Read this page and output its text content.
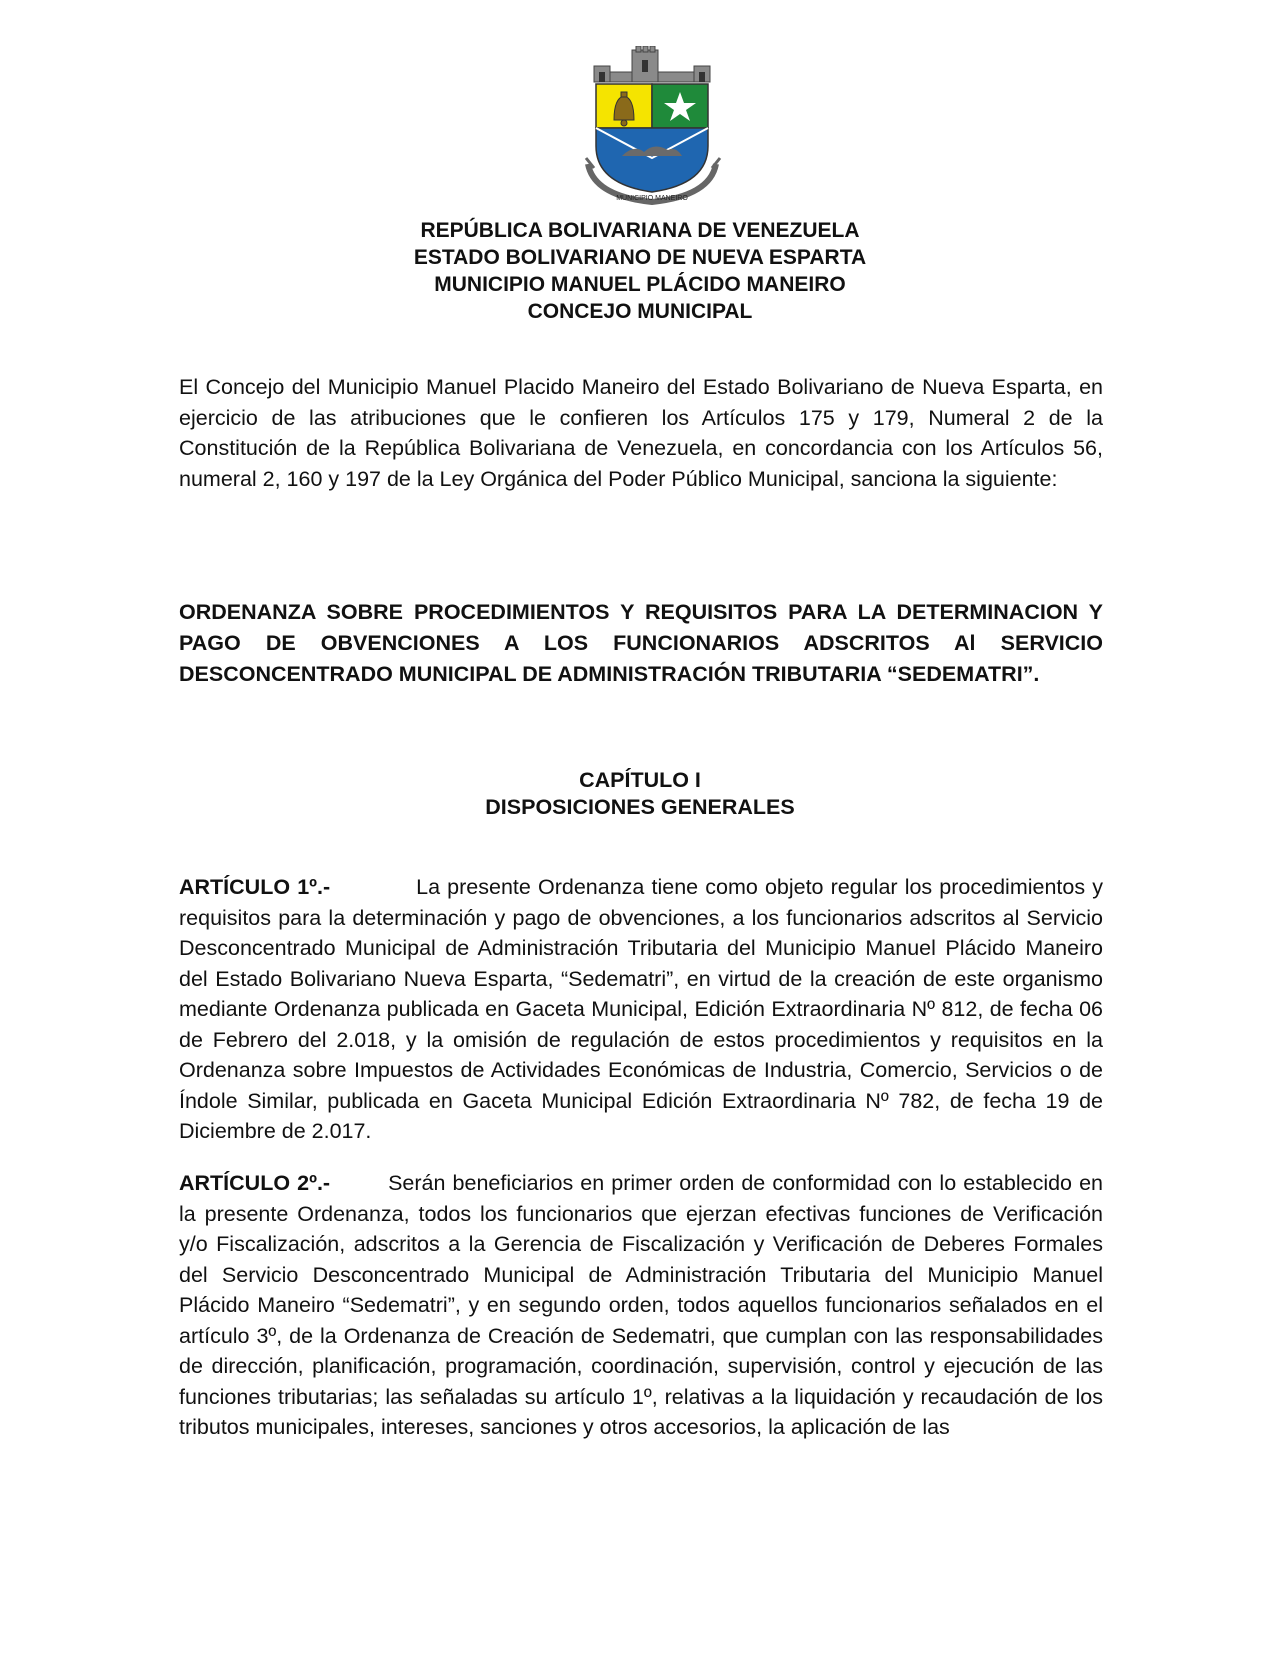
MUNICIPIO MANEIRO
REPÚBLICA BOLIVARIANA DE VENEZUELA
ESTADO BOLIVARIANO DE NUEVA ESPARTA
MUNICIPIO MANUEL PLÁCIDO MANEIRO
CONCEJO MUNICIPAL

El Concejo del Municipio Manuel Placido Maneiro del Estado Bolivariano de Nueva Esparta, en ejercicio de las atribuciones que le confieren los Artículos 175 y 179, Numeral 2 de la Constitución de la República Bolivariana de Venezuela, en concordancia con los Artículos 56, numeral 2, 160 y 197 de la Ley Orgánica del Poder Público Municipal, sanciona la siguiente:

ORDENANZA SOBRE PROCEDIMIENTOS Y REQUISITOS PARA LA DETERMINACION Y PAGO DE OBVENCIONES A LOS FUNCIONARIOS ADSCRITOS Al SERVICIO DESCONCENTRADO MUNICIPAL DE ADMINISTRACIÓN TRIBUTARIA “SEDEMATRI”.

CAPÍTULO I
DISPOSICIONES GENERALES

ARTÍCULO 1º.-	La presente Ordenanza tiene como objeto regular los procedimientos y requisitos para la determinación y pago de obvenciones, a los funcionarios adscritos al Servicio Desconcentrado Municipal de Administración Tributaria del Municipio Manuel Plácido Maneiro del Estado Bolivariano Nueva Esparta, “Sedematri”, en virtud de la creación de este organismo mediante Ordenanza publicada en Gaceta Municipal, Edición Extraordinaria Nº 812, de fecha 06 de Febrero del 2.018, y la omisión de regulación de estos procedimientos y requisitos en la Ordenanza sobre Impuestos de Actividades Económicas de Industria, Comercio, Servicios o de Índole Similar, publicada en Gaceta Municipal Edición Extraordinaria Nº 782, de fecha 19 de Diciembre de 2.017.

ARTÍCULO 2º.-	Serán beneficiarios en primer orden de conformidad con lo establecido en la presente Ordenanza, todos los funcionarios que ejerzan efectivas funciones de Verificación y/o Fiscalización, adscritos a la Gerencia de Fiscalización y Verificación de Deberes Formales del Servicio Desconcentrado Municipal de Administración Tributaria del Municipio Manuel Plácido Maneiro “Sedematri”, y en segundo orden, todos aquellos funcionarios señalados en el artículo 3º, de la Ordenanza de Creación de Sedematri, que cumplan con las responsabilidades de dirección, planificación, programación, coordinación, supervisión, control y ejecución de las funciones tributarias; las señaladas su artículo 1º, relativas a la liquidación y recaudación de los tributos municipales, intereses, sanciones y otros accesorios, la aplicación de las
